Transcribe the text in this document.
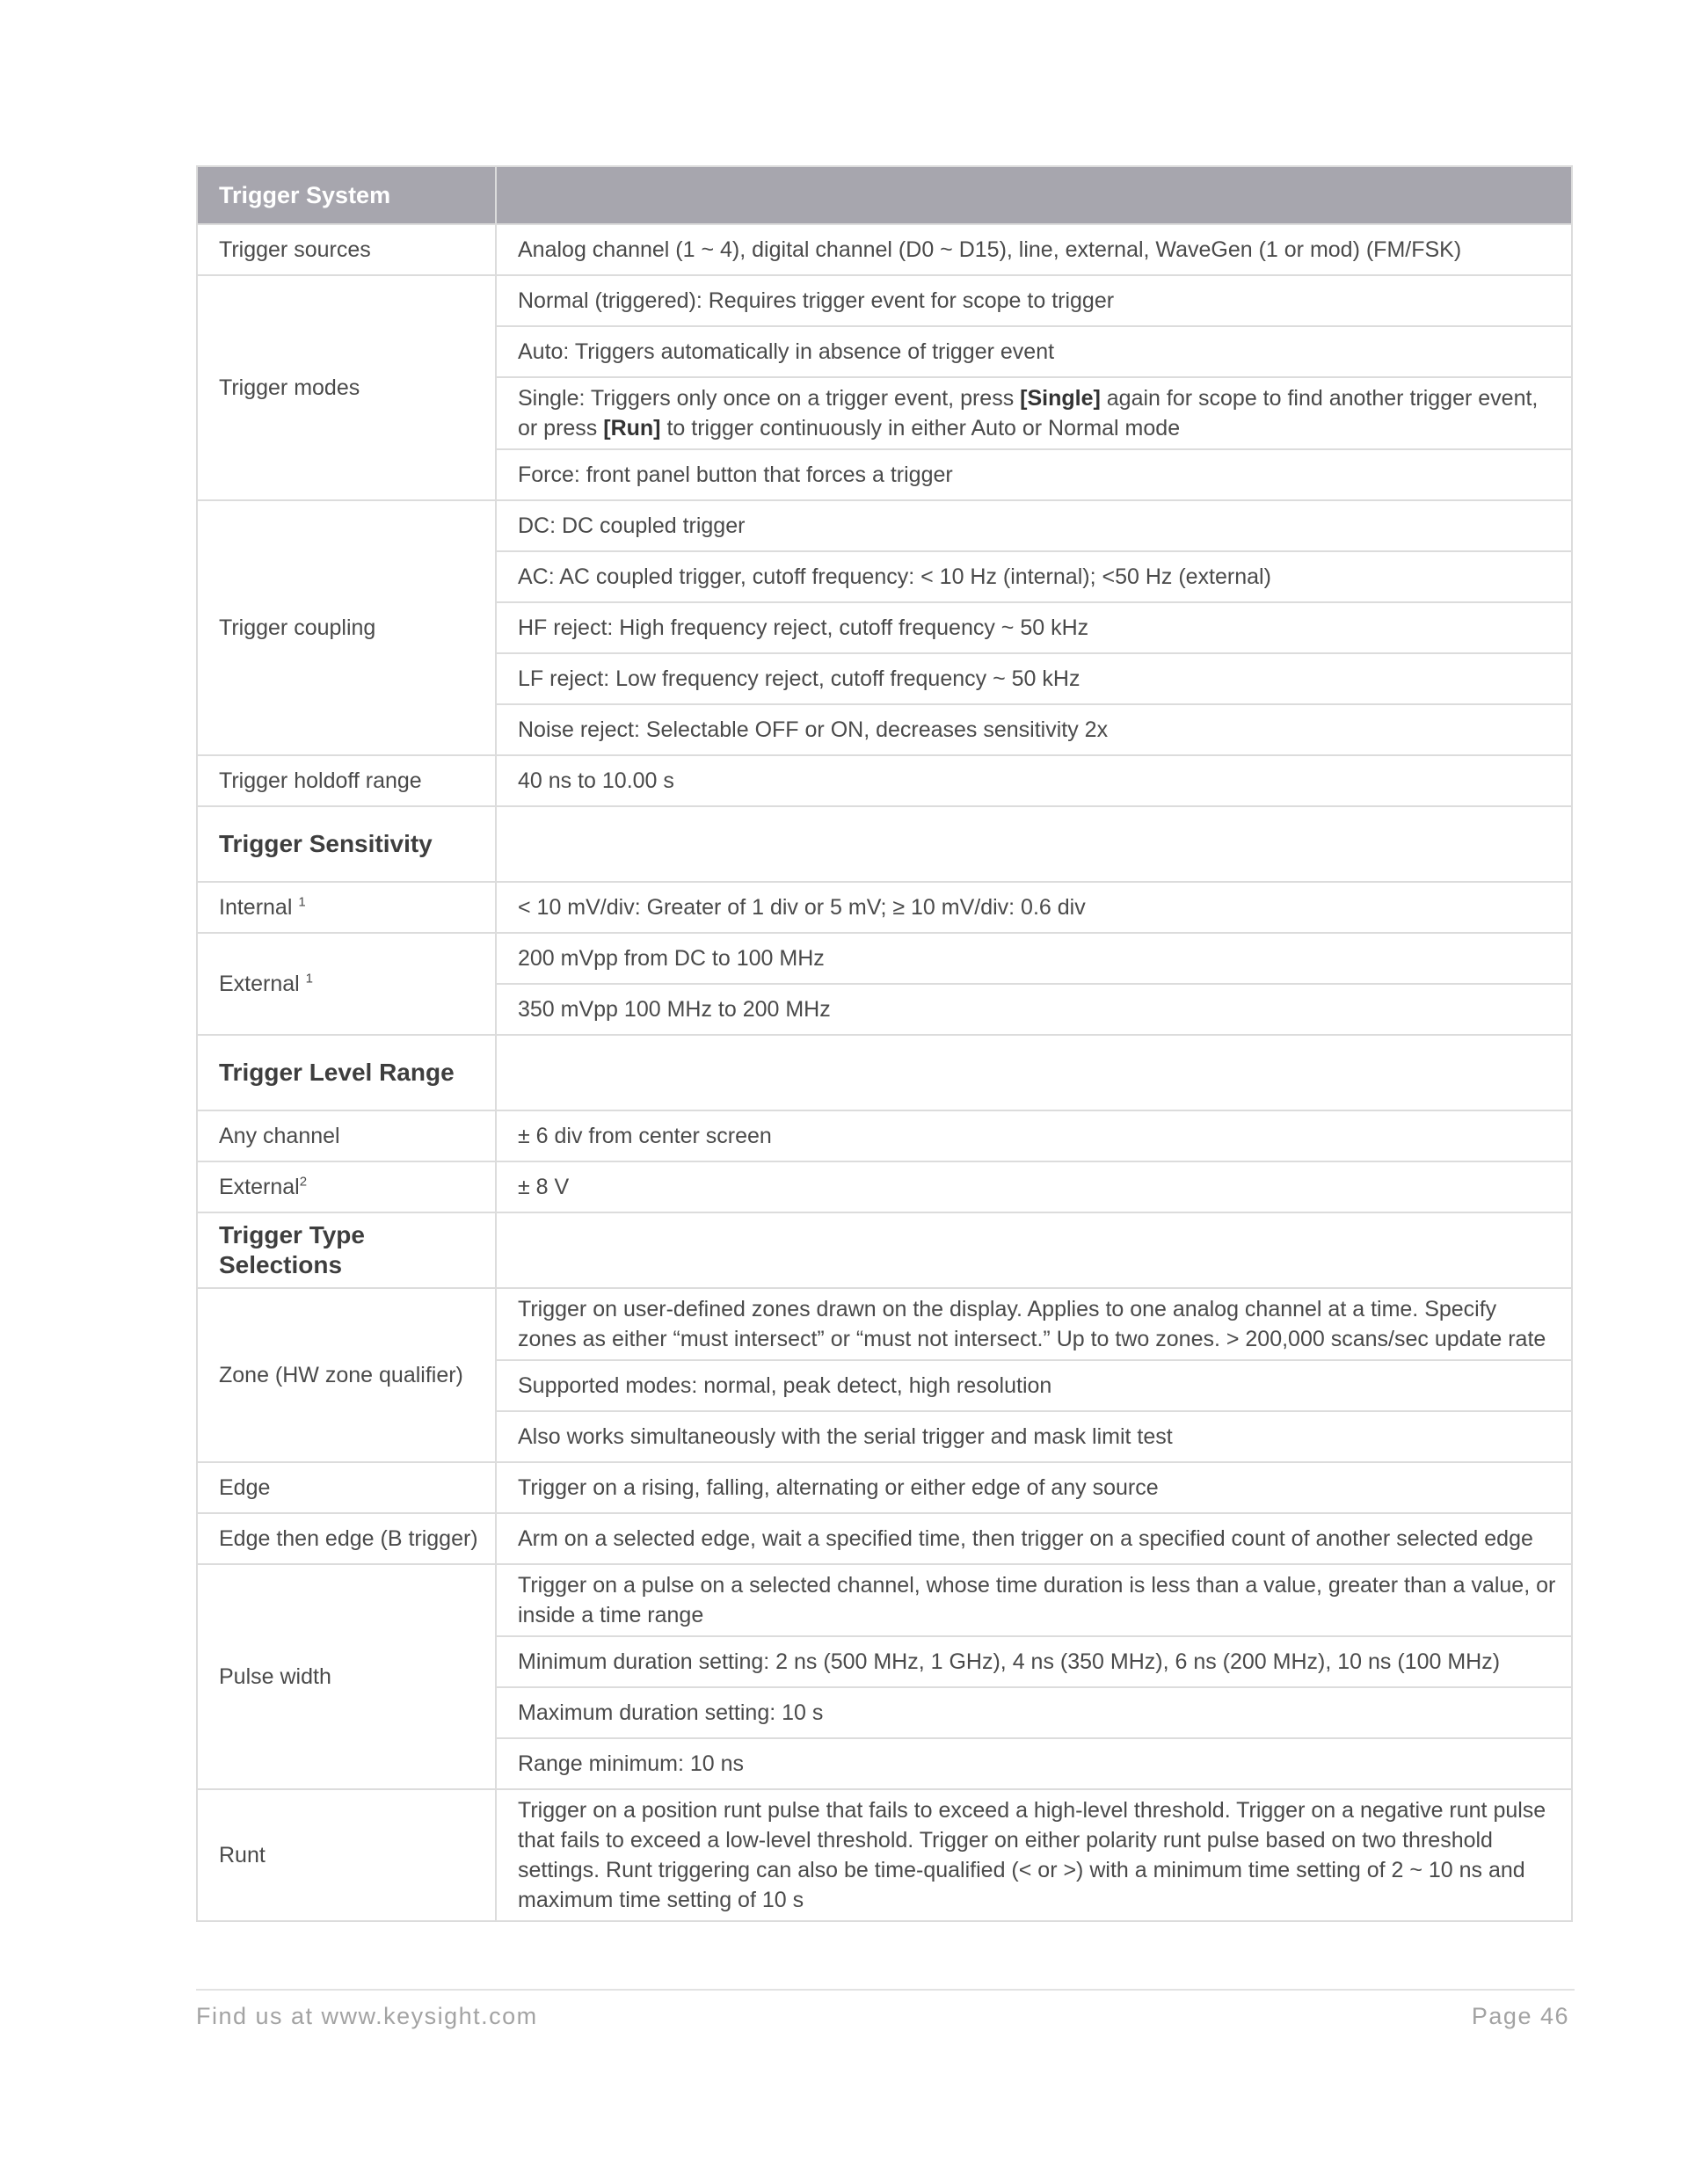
Trigger System	
Trigger sources	Analog channel (1 ~ 4), digital channel (D0 ~ D15), line, external, WaveGen (1 or mod) (FM/FSK)
Trigger modes	Normal (triggered): Requires trigger event for scope to trigger
	Auto: Triggers automatically in absence of trigger event
	Single: Triggers only once on a trigger event, press [Single] again for scope to find another trigger event, or press [Run] to trigger continuously in either Auto or Normal mode
	Force: front panel button that forces a trigger
Trigger coupling	DC: DC coupled trigger
	AC: AC coupled trigger, cutoff frequency: < 10 Hz (internal); <50 Hz (external)
	HF reject: High frequency reject, cutoff frequency ~ 50 kHz
	LF reject: Low frequency reject, cutoff frequency ~ 50 kHz
	Noise reject: Selectable OFF or ON, decreases sensitivity 2x
Trigger holdoff range	40 ns to 10.00 s
Trigger Sensitivity	
Internal $^1$	< 10 mV/div: Greater of 1 div or 5 mV; ≥ 10 mV/div: 0.6 div
External $^1$	200 mVpp from DC to 100 MHz
	350 mVpp 100 MHz to 200 MHz
Trigger Level Range	
Any channel	± 6 div from center screen
External$^2$	± 8 V
Trigger Type Selections	
Zone (HW zone qualifier)	Trigger on user-defined zones drawn on the display. Applies to one analog channel at a time. Specify zones as either “must intersect” or “must not intersect.” Up to two zones. > 200,000 scans/sec update rate
	Supported modes: normal, peak detect, high resolution
	Also works simultaneously with the serial trigger and mask limit test
Edge	Trigger on a rising, falling, alternating or either edge of any source
Edge then edge (B trigger)	Arm on a selected edge, wait a specified time, then trigger on a specified count of another selected edge
Pulse width	Trigger on a pulse on a selected channel, whose time duration is less than a value, greater than a value, or inside a time range
	Minimum duration setting: 2 ns (500 MHz, 1 GHz), 4 ns (350 MHz), 6 ns (200 MHz), 10 ns (100 MHz)
	Maximum duration setting: 10 s
	Range minimum: 10 ns
Runt	Trigger on a position runt pulse that fails to exceed a high-level threshold. Trigger on a negative runt pulse that fails to exceed a low-level threshold. Trigger on either polarity runt pulse based on two threshold settings. Runt triggering can also be time-qualified (< or >) with a minimum time setting of 2 ~ 10 ns and maximum time setting of 10 s
Find us at www.keysight.com	Page 46
